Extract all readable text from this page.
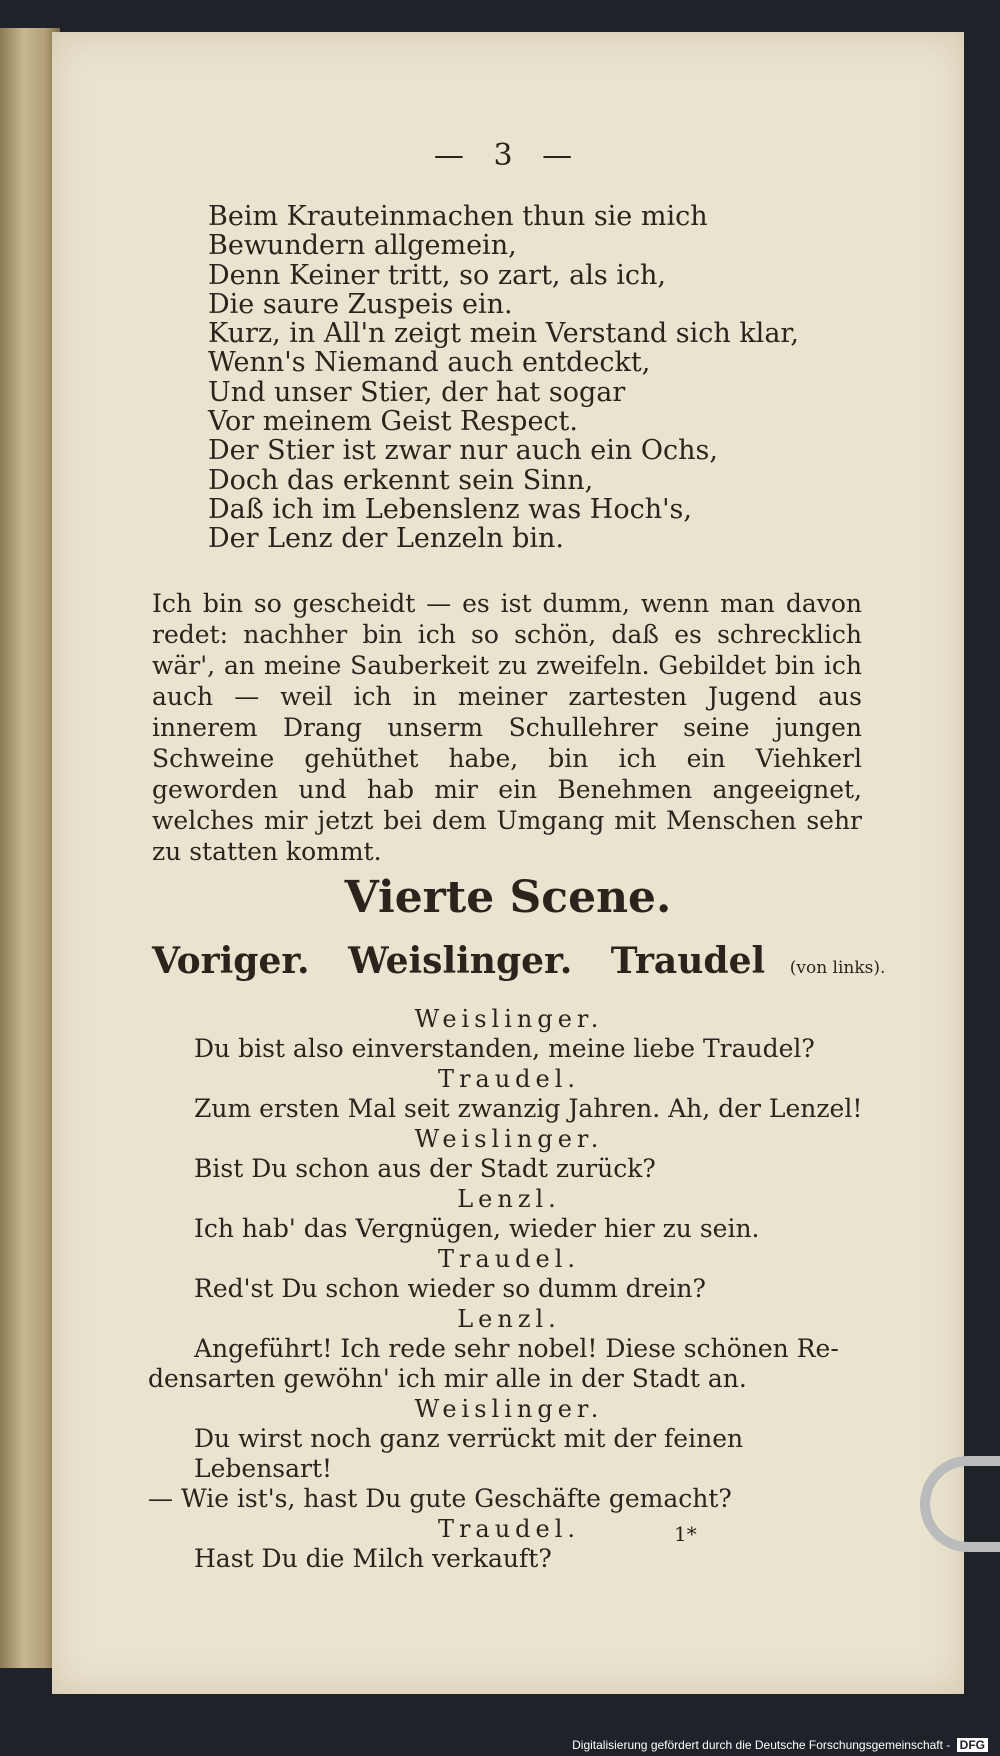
— 3 —
Beim Krauteinmachen thun sie mich
Bewundern allgemein,
Denn Keiner tritt, so zart, als ich,
Die saure Zuspeis ein.
Kurz, in All'n zeigt mein Verstand sich klar,
Wenn's Niemand auch entdeckt,
Und unser Stier, der hat sogar
Vor meinem Geist Respect.
Der Stier ist zwar nur auch ein Ochs,
Doch das erkennt sein Sinn,
Daß ich im Lebenslenz was Hoch's,
Der Lenz der Lenzeln bin.
Ich bin so gescheidt — es ist dumm, wenn man davon redet: nachher bin ich so schön, daß es schrecklich wär', an meine Sauberkeit zu zweifeln. Gebildet bin ich auch — weil ich in meiner zartesten Jugend aus innerem Drang unserm Schullehrer seine jungen Schweine gehüthet habe, bin ich ein Viehkerl geworden und hab mir ein Benehmen angeeignet, welches mir jetzt bei dem Umgang mit Menschen sehr zu statten kommt.
Vierte Scene.
Voriger. Weislinger. Traudel (von links).
Weislinger.
Du bist also einverstanden, meine liebe Traudel?
Traudel.
Zum ersten Mal seit zwanzig Jahren. Ah, der Lenzel!
Weislinger.
Bist Du schon aus der Stadt zurück?
Lenzl.
Ich hab' das Vergnügen, wieder hier zu sein.
Traudel.
Red'st Du schon wieder so dumm drein?
Lenzl.
Angeführt! Ich rede sehr nobel! Diese schönen Re-
densarten gewöhn' ich mir alle in der Stadt an.
Weislinger.
Du wirst noch ganz verrückt mit der feinen Lebensart!
— Wie ist's, hast Du gute Geschäfte gemacht?
Traudel.
Hast Du die Milch verkauft?
1*
Digitalisierung gefördert durch die Deutsche Forschungsgemeinschaft - DFG
